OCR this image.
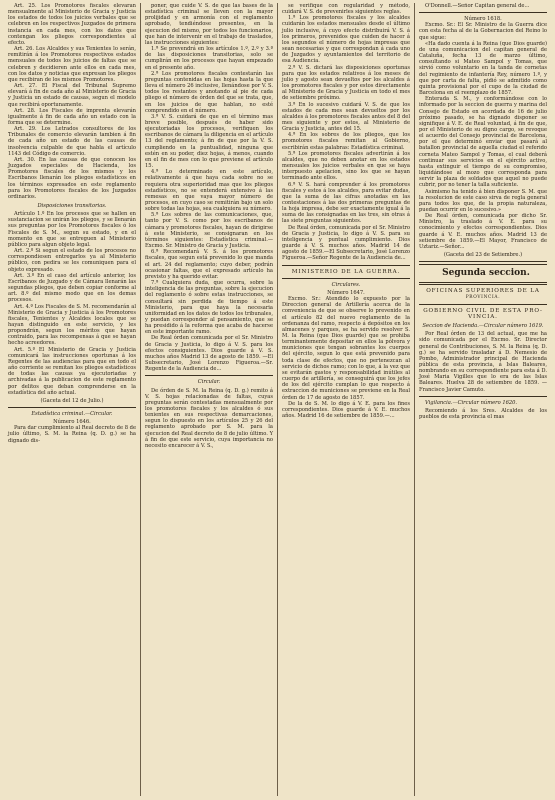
Art. 25. Los Promotores fiscales elevaran mensualmente al Ministerio de Gracia y Justicia los estados de todos los juicios verbales que se celebren en los respectivos Juzgados de primera instancia en cada mes, con los datos que contengan los pliegos correspondientes al efecto.

Art. 26. Los Alcaldes y sus Tenientes lo serán, remitirán á los Promotores respectivos estados mensuales de todos los juicios de faltas que se celebren y decidieren ante ellos en cada mes, con los datos y noticias que expresan los pliegos que recibiran de los mismos Promotores.

Art. 27. El Fiscal del Tribunal Supremo elevará á fin de cada año al Ministerio de Gracia y Justicia un estado de causas, segun el modelo que recibirá oportunamente.

Art. 28. Los Fiscales de imprenta elevarán igualmente á fin de cada año un estado con la forma que se determine.

Art. 29. Los Letrados consultores de los Tribunales de comercio elevarán tambien á fin de cada año un estado de las causas de insolvencia culpable de que habla el artículo 1143 del Código de comercio.

Art. 30. En las causas de que conocen los Juzgados especiales de Hacienda, los Promotores fiscales de los mismos y los Escribanos llenarán los pliegos estadísticos en los términos expresados en este reglamento para los Promotores fiscales de los Juzgados ordinarios.

Disposiciones transitorias.

Artículo 1.º En los procesos que se hallen en sustanciacion se unirán los pliegos, y se llenarán sus preguntas por los Promotores fiscales ó los Fiscales de S. M., segun su estado, y en el momento en que se entreguen al Ministerio público para algun objeto legal.

Art. 2.º Si segun el estado de los procesos no correspondiesen entregarlos ya al Ministerio público, con pedira se les comuniquen para el objeto expresado.

Art. 3.º En el caso del artículo anterior, los Escribanos de Juzgado y de Cámara llenarán las segundas pliegos, que deben copiar conforme al art. 8.º del mismo modo que en los demas procesos.

Art. 4.º Los Fiscales de S. M. recomendarán al Ministerio de Gracia y Justicia á los Promotores fiscales, Tenientes y Alcaldes locales que se hayan distinguido en este servicio, y les propondrán, segun los méritos que hayan contraido, para las recompensas á que se hayan hecho acreedores.

Art. 5.º El Ministerio de Gracia y Justicia comunicará las instrucciones oportunas á los Regentes de las audiencias para que en todo el año corriente se remitan los pliegos estadísticos de todas las causas ya ejecutoriadas y archivadas á la publicacion de este reglamento por delitos que deban comprenderse en la estadística del año actual.

(Gaceta del 12 de Julio.)

Estadística criminal.—Circular.

Número 1646.

Para dar cumplimiento al Real decreto de 8 de julio último, S. M. la Reina (q. D. g.) se ha dignado dis-

poner, que cuide V. S. de que las bases de la estadística criminal se lleven con la mayor prolijidad y en armonía con el reglamento aprobado, tendiéndose presentes, en la ejecucion del mismo, por todos los funcionarios, que han de intervenir en el trabajo de traslados, las instrucciones siguientes:

1.ª Se prevendrá en los artículos 1.º, 2.º y 3.º de las disposiciones transitorias, solo se cumplirán en los procesos que hayan empezado en el presente año.

2.ª Los promotores fiscales contestarán las preguntas contenidas en las hojas hasta la que lleva el número 26 inclusive, llenándose por V. S. todos los restantes y anotando al pie de cada pliego el número de órden del que se trata, que, en los juicios de que hablan, no esté comprendido en el número.

3.ª V. S. cuidará de que en el término mas breve posible, después de haber sido ejecutoriadas los procesos, verifiquen los escribanos de cámara la diligencia en el artículo 13 del reglamento; á fin de que por la V. S. cumpliendo en la puntualidad, ninguna que estén en su poder, diez hojas, á menos, cuando en el fin de mes con lo que previene el artículo 15.

4.ª Lo determinado en este artículo, relativamente á que haya cada sobre no se requiera otra superioridad mas que los pliegos estadísticos, no se entenderá extensivo á las remesas en que vaya mayor número de procesos, en cuyo caso se remitirán bajo un solo sobre todas las hojas, sea cualquiera su número.

5.ª Los sobres de las comunicaciones, que, tanto por V. S. como por los escribanos de cámara y promotores fiscales, hayan de dirigirse á este Ministerio, se consignaran en los términos siguientes: Estadística criminal.—Excmo. Sr. Ministro de Gracia y Justicia.

6.ª Recomendará V. S. á los promotores fiscales, que segun está prevenido lo que manda el art. 24 del reglamento; cuyo deber, podrán ocasionar faltas, que el expresado artículo ha previsto y ha querido evitar.

7.ª Cualquiera duda, que ocurra, sobre la inteligencia de las preguntas, sobre la ejecucion del reglamento ó sobre estas instrucciones, se consultará sin perdida de tiempo á este Ministerio, para que haya la necesaria uniformidad en los datos de todos los tribunales, y puedan corresponder al pensamiento, que se ha presidido á la reforma que acaba de hacerse en este importante ramo.

De Real órden comunicada por el Sr. Ministro de Gracia y Justicia, lo digo á V. S. para los efectos consiguientes. Dios guarde á V. S. muchos años Madrid 13 de agosto de 1859. —El Subsecretario, José Lorenzo Figueroa.—Sr. Regente de la Audiencia de...

Circular.

De órden de S. M. la Reina (q. D. g.) remito á V. S. hojas relacionadas de faltas, cuyas preguntas serán contestadas mensualmente por los promotores fiscales y los alcaldes ó sus tenientes en sus respectivas demarcaciones, segun lo dispuesto en los artículos 25 y 26 del reglamento aprobado por S. M. para la ejecucion del Real decreto de 8 de julio último. Y á fin de que este servicio, cuya importancia no necesito encarecer á V. S.,

se verifique con regularidad y método, cuidará V. S. de prevenirles siguientes reglas.

1.ª Los promotores fiscales y los alcaldes cuidarán los estados mensuales desde el último julio inclusive, á cuyo efecto distribuirá V. S. á los primeros, prevenidos que cuiden de hacer á los segundos el número de hojas impresas que sean necesarias y que correspondan á cada uno de Juzgados y ayuntamientos del territorio de esa Audiencia.

2.ª V. S. dictará las disposiciones oportunas para que los estados relativos á los meses de julio y agosto sean devueltos por los alcaldes á los promotores fiscales y por estos directamente al Ministerio de Gracia y Justicia en todo el mes de setiembre próximo.

3.ª En lo sucesivo cuidará V. S. de que los estados de cada mes sean devueltos por los alcaldes á los promotores fiscales antes del 8 del mes siguiente y por estos, al Ministerio de Gracia y Justicia, antes del 15.

4.ª En los sobres de los pliegos, que los promotores fiscales remitan al Gobierno, escribirán estas palabras: Estadística criminal.

5.ª Los promotores fiscales advertirán á los alcaldes, que no deben anotar en los estados mensuales los juicios verbales en que se haya interpuesto apelacion, sino los que se hayan terminado ante ellos.

6.ª V. S. hará comprender á los promotores fiscales y estos á los alcaldes, para evitar dudas, que la suma de las cifras anotadas en las contestaciones á las dos primeras preguntas de la hoja impresa, debe ser exactamente igual á la suma de las consignadas en las tres, sin otras á las siete preguntas siguientes.

De Real órden, comunicada por el Sr. Ministro de Gracia y Justicia, lo digo á V. S. para su inteligencia y puntual cumplimiento. Dios guarde á V. S. muchos años. Madrid 14 de agosto de 1859.—El Subsecretario, José Lorenzo Figueroa.—Señor Regente de la Audiencia de...

MINISTERIO DE LA GUERRA.

Circulares.

Número 1647.

Excmo. Sr.: Atendido lo expuesto por la Direccion general de Artillería acerca de la conveniencia de que se observe lo prevenido en el artículo 82 del nuevo reglamento de la ordenanza del ramo, respecto á depósitos en los almacenes y parques, se ha servido resolver S. M. la Reina (que Dios guarde) que se prohiba terminantemente depositar en ellos la pólvora y municiones que tengan sobrantes los cuerpos del ejército, segun lo que está prevenido para toda clase de efectos, que no pertenezcan al servicio de dichos ramo; con lo que, á la vez que se evitarán gastos y responsabilidad inútiles al cuerpo de artillería, se conseguirá que los jefes de los del ejército cumplan lo que respecto á extraccion de municiones se previene en la Real órden de 17 de agosto de 1857.

De la de S. M. lo digo á V. E. para los fines correspondientes. Dios guarde á V. E. muchos años. Madrid 16 de setiembre de 1859.—...

O'Donnell.—Señor Capitan general de...

Número 1618.

Excmo. Sr.: El Sr. Ministro de la Guerra dice con esta fecha al de la Gobernacion del Reino lo que sigue:

«Ha dado cuenta á la Reina (que Dios guarde) de una comunicacion del capitan general de Cataluña, fecha 13 de marzo último, consultando si Mateo Sampol y Tomas, que sirvió como voluntario en la tanda de cornetas del regimiento de infantería Rey, número 1.º, y que por carta de falta, pidió se admitido como quinta provisional por el cupo de la ciudad de Barcelona en el reemplazo de 1857.

Enterada S. M., y conformándose con lo informado por la seccion de guerra y marina del Consejo de Estado en acordada de 16 de julio próximo pasado, se ha dignado disponer se signifique á V. E. de Real voluntad, á fin de que, por el Ministerio de su digno cargo, se revoque el acuerdo del Consejo provincial de Barcelona, por el que determinó enviar que pasará al batallon provincial de aquella ciudad el referido corneta Mateo Sampol y Tomas, el cual deberá continuar sus servicios en el ejército activo, hasta extinguir el tiempo de su compromiso, liquidándose al mozo que corresponda para servir la plaza de soldados que aquel no puede cubrir, por no tener la talla suficiente.

Asimismo ha tenido á bien disponer S. M. que la resolucion de este caso sirva de regla general para todos los que, de la propia naturaleza, puedan ocurrir en lo sucesivo.»

De Real órden, comunicada por dicho Sr. Ministro, la traslado á V. E. para su conocimiento y efectos correspondientes. Dios guarde á V. E. muchos años. Madrid 13 de setiembre de 1859.—El Mayor, Francisco de Uztariz.—Señor...

(Gaceta del 23 de Setiembre.)

Segunda seccion.

OFICINAS SUPERIORES DE LA

PROVINCIA.

GOBIERNO CIVIL DE ESTA PRO-

VINCIA.

Seccion de Hacienda.—Circular número 1619.

Por Real órden de 13 del actual, que me ha sido comunicada por el Excmo. Sr. Director general de Contribuciones, S. M. la Reina (q. D. g.) se ha servido trasladar á D. Nemesio de Pombo, Administrador principal de Hacienda pública de esta provincia, á Islas Baleares, nombrando en su correspondiente para esta á D. José Maria Vigilles que lo era de las Islas Baleares. Huelva 28 de setiembre de 1859. —Francisco Javier Camuto.

Vigilancia.—Circular número 1620.

Recomiendo á los Sres. Alcaldes de los pueblos de esta provincia el mas
